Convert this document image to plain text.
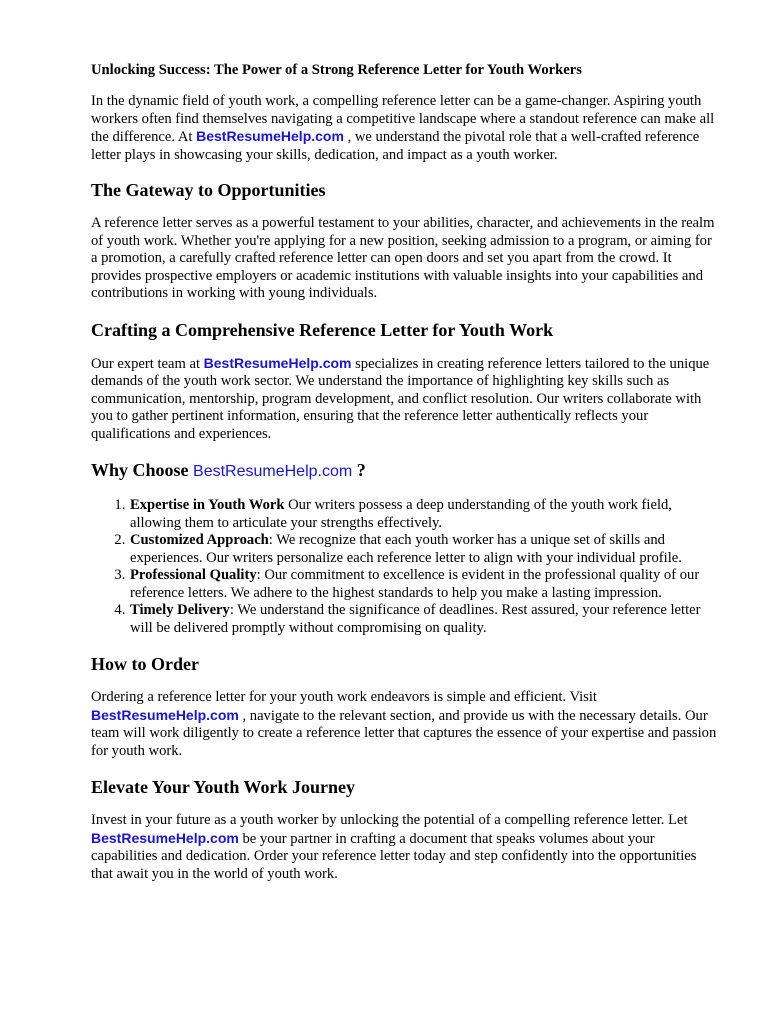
Unlocking Success: The Power of a Strong Reference Letter for Youth Workers

In the dynamic field of youth work, a compelling reference letter can be a game-changer. Aspiring youth workers often find themselves navigating a competitive landscape where a standout reference can make all the difference. At BestResumeHelp.com , we understand the pivotal role that a well-crafted reference letter plays in showcasing your skills, dedication, and impact as a youth worker.

The Gateway to Opportunities

A reference letter serves as a powerful testament to your abilities, character, and achievements in the realm of youth work. Whether you're applying for a new position, seeking admission to a program, or aiming for a promotion, a carefully crafted reference letter can open doors and set you apart from the crowd. It provides prospective employers or academic institutions with valuable insights into your capabilities and contributions in working with young individuals.

Crafting a Comprehensive Reference Letter for Youth Work

Our expert team at BestResumeHelp.com specializes in creating reference letters tailored to the unique demands of the youth work sector. We understand the importance of highlighting key skills such as communication, mentorship, program development, and conflict resolution. Our writers collaborate with you to gather pertinent information, ensuring that the reference letter authentically reflects your qualifications and experiences.

Why Choose BestResumeHelp.com ?
1. Expertise in Youth Work Our writers possess a deep understanding of the youth work field, allowing them to articulate your strengths effectively.
2. Customized Approach: We recognize that each youth worker has a unique set of skills and experiences. Our writers personalize each reference letter to align with your individual profile.
3. Professional Quality: Our commitment to excellence is evident in the professional quality of our reference letters. We adhere to the highest standards to help you make a lasting impression.
4. Timely Delivery: We understand the significance of deadlines. Rest assured, your reference letter will be delivered promptly without compromising on quality.
How to Order

Ordering a reference letter for your youth work endeavors is simple and efficient. Visit BestResumeHelp.com , navigate to the relevant section, and provide us with the necessary details. Our team will work diligently to create a reference letter that captures the essence of your expertise and passion for youth work.

Elevate Your Youth Work Journey

Invest in your future as a youth worker by unlocking the potential of a compelling reference letter. Let BestResumeHelp.com be your partner in crafting a document that speaks volumes about your capabilities and dedication. Order your reference letter today and step confidently into the opportunities that await you in the world of youth work.
